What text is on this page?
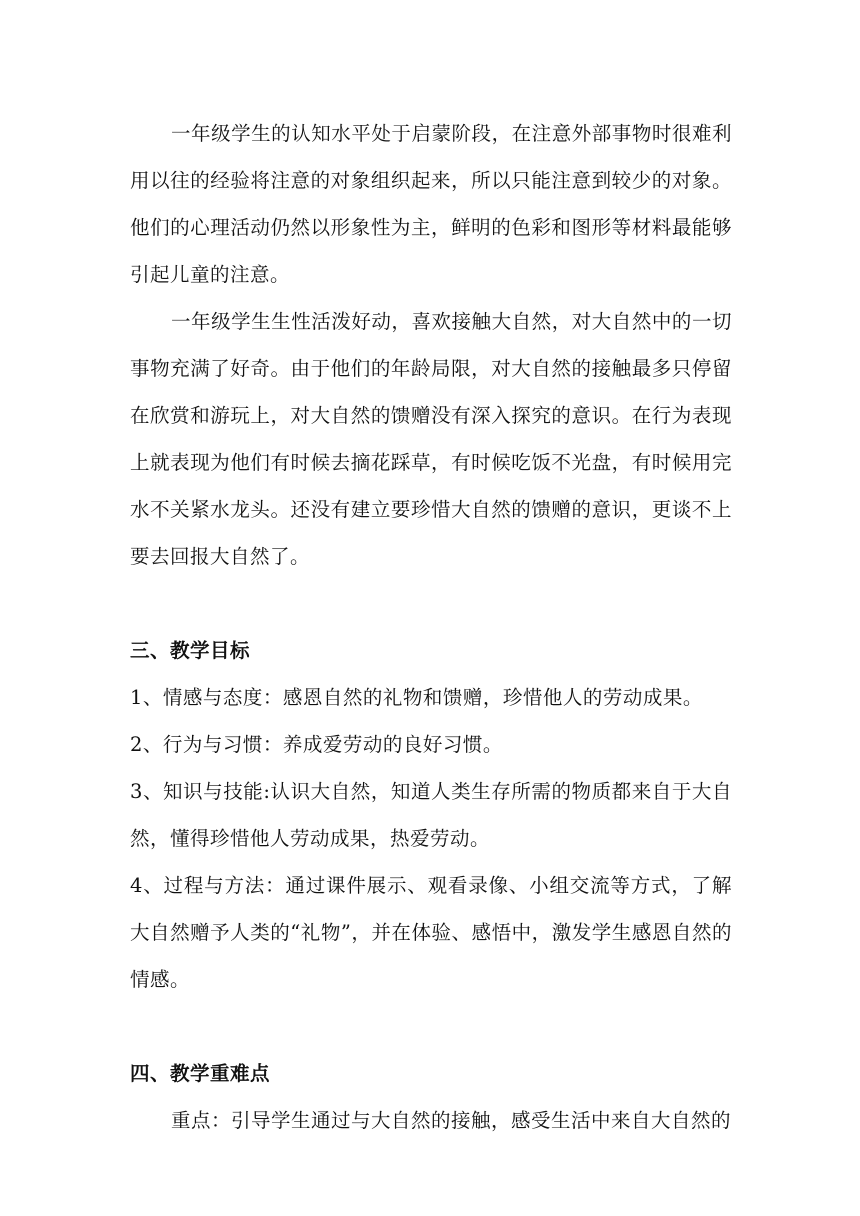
一年级学生的认知水平处于启蒙阶段，在注意外部事物时很难利用以往的经验将注意的对象组织起来，所以只能注意到较少的对象。他们的心理活动仍然以形象性为主，鲜明的色彩和图形等材料最能够引起儿童的注意。

一年级学生生性活泼好动，喜欢接触大自然，对大自然中的一切事物充满了好奇。由于他们的年龄局限，对大自然的接触最多只停留在欣赏和游玩上，对大自然的馈赠没有深入探究的意识。在行为表现上就表现为他们有时候去摘花踩草，有时候吃饭不光盘，有时候用完水不关紧水龙头。还没有建立要珍惜大自然的馈赠的意识，更谈不上要去回报大自然了。

三、教学目标

1、情感与态度：感恩自然的礼物和馈赠，珍惜他人的劳动成果。

2、行为与习惯：养成爱劳动的良好习惯。

3、知识与技能:认识大自然，知道人类生存所需的物质都来自于大自然，懂得珍惜他人劳动成果，热爱劳动。

4、过程与方法：通过课件展示、观看录像、小组交流等方式，了解大自然赠予人类的“礼物”，并在体验、感悟中，激发学生感恩自然的情感。

四、教学重难点

重点：引导学生通过与大自然的接触，感受生活中来自大自然的
